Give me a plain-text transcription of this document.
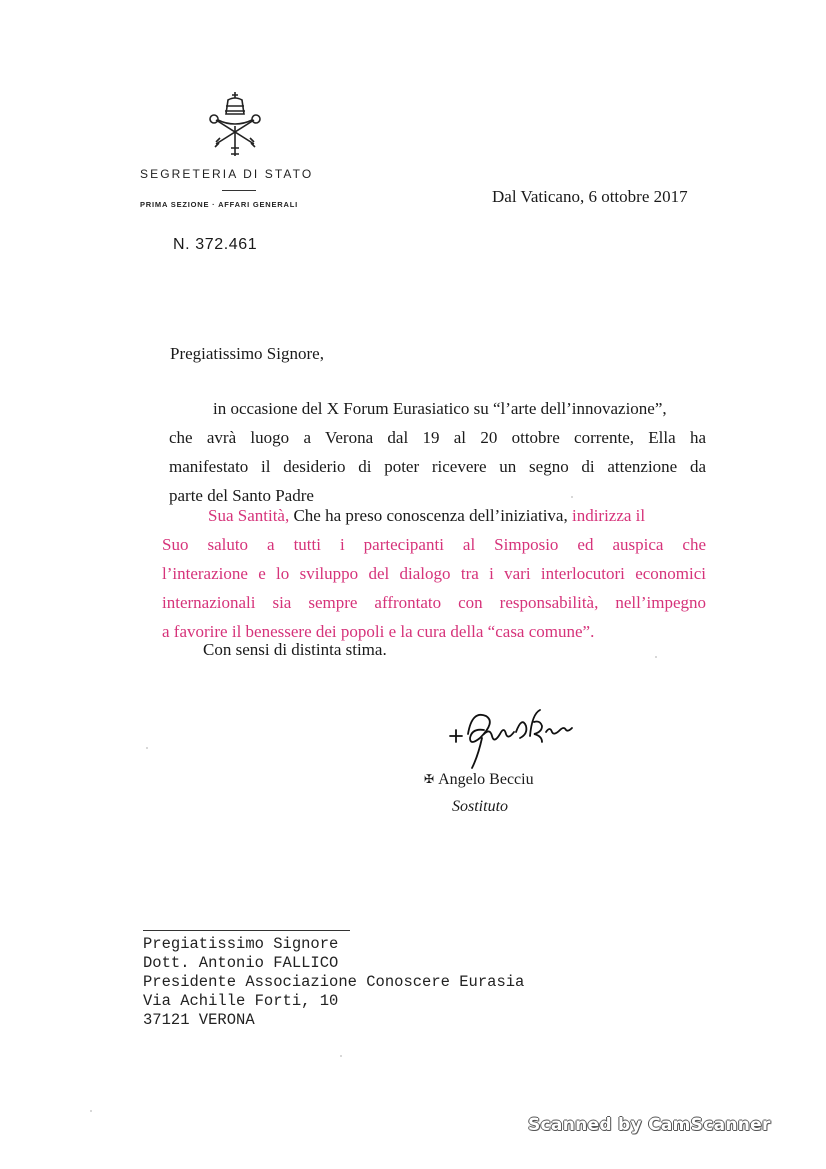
SEGRETERIA DI STATO
PRIMA SEZIONE · AFFARI GENERALI	Dal Vaticano, 6 ottobre 2017
N. 372.461
Pregiatissimo Signore,
in occasione del X Forum Eurasiatico su “l’arte dell’innovazione”,
che avrà luogo a Verona dal 19 al 20 ottobre corrente, Ella ha
manifestato il desiderio di poter ricevere un segno di attenzione da
parte del Santo Padre
Sua Santità, Che ha preso conoscenza dell’iniziativa, indirizza il
Suo saluto a tutti i partecipanti al Simposio ed auspica che
l’interazione e lo sviluppo del dialogo tra i vari interlocutori economici
internazionali sia sempre affrontato con responsabilità, nell’impegno
a favorire il benessere dei popoli e la cura della “casa comune”.
Con sensi di distinta stima.
✠ Angelo Becciu
Sostituto
Pregiatissimo Signore
Dott. Antonio FALLICO
Presidente Associazione Conoscere Eurasia
Via Achille Forti, 10
37121 VERONA
Scanned by CamScanner
